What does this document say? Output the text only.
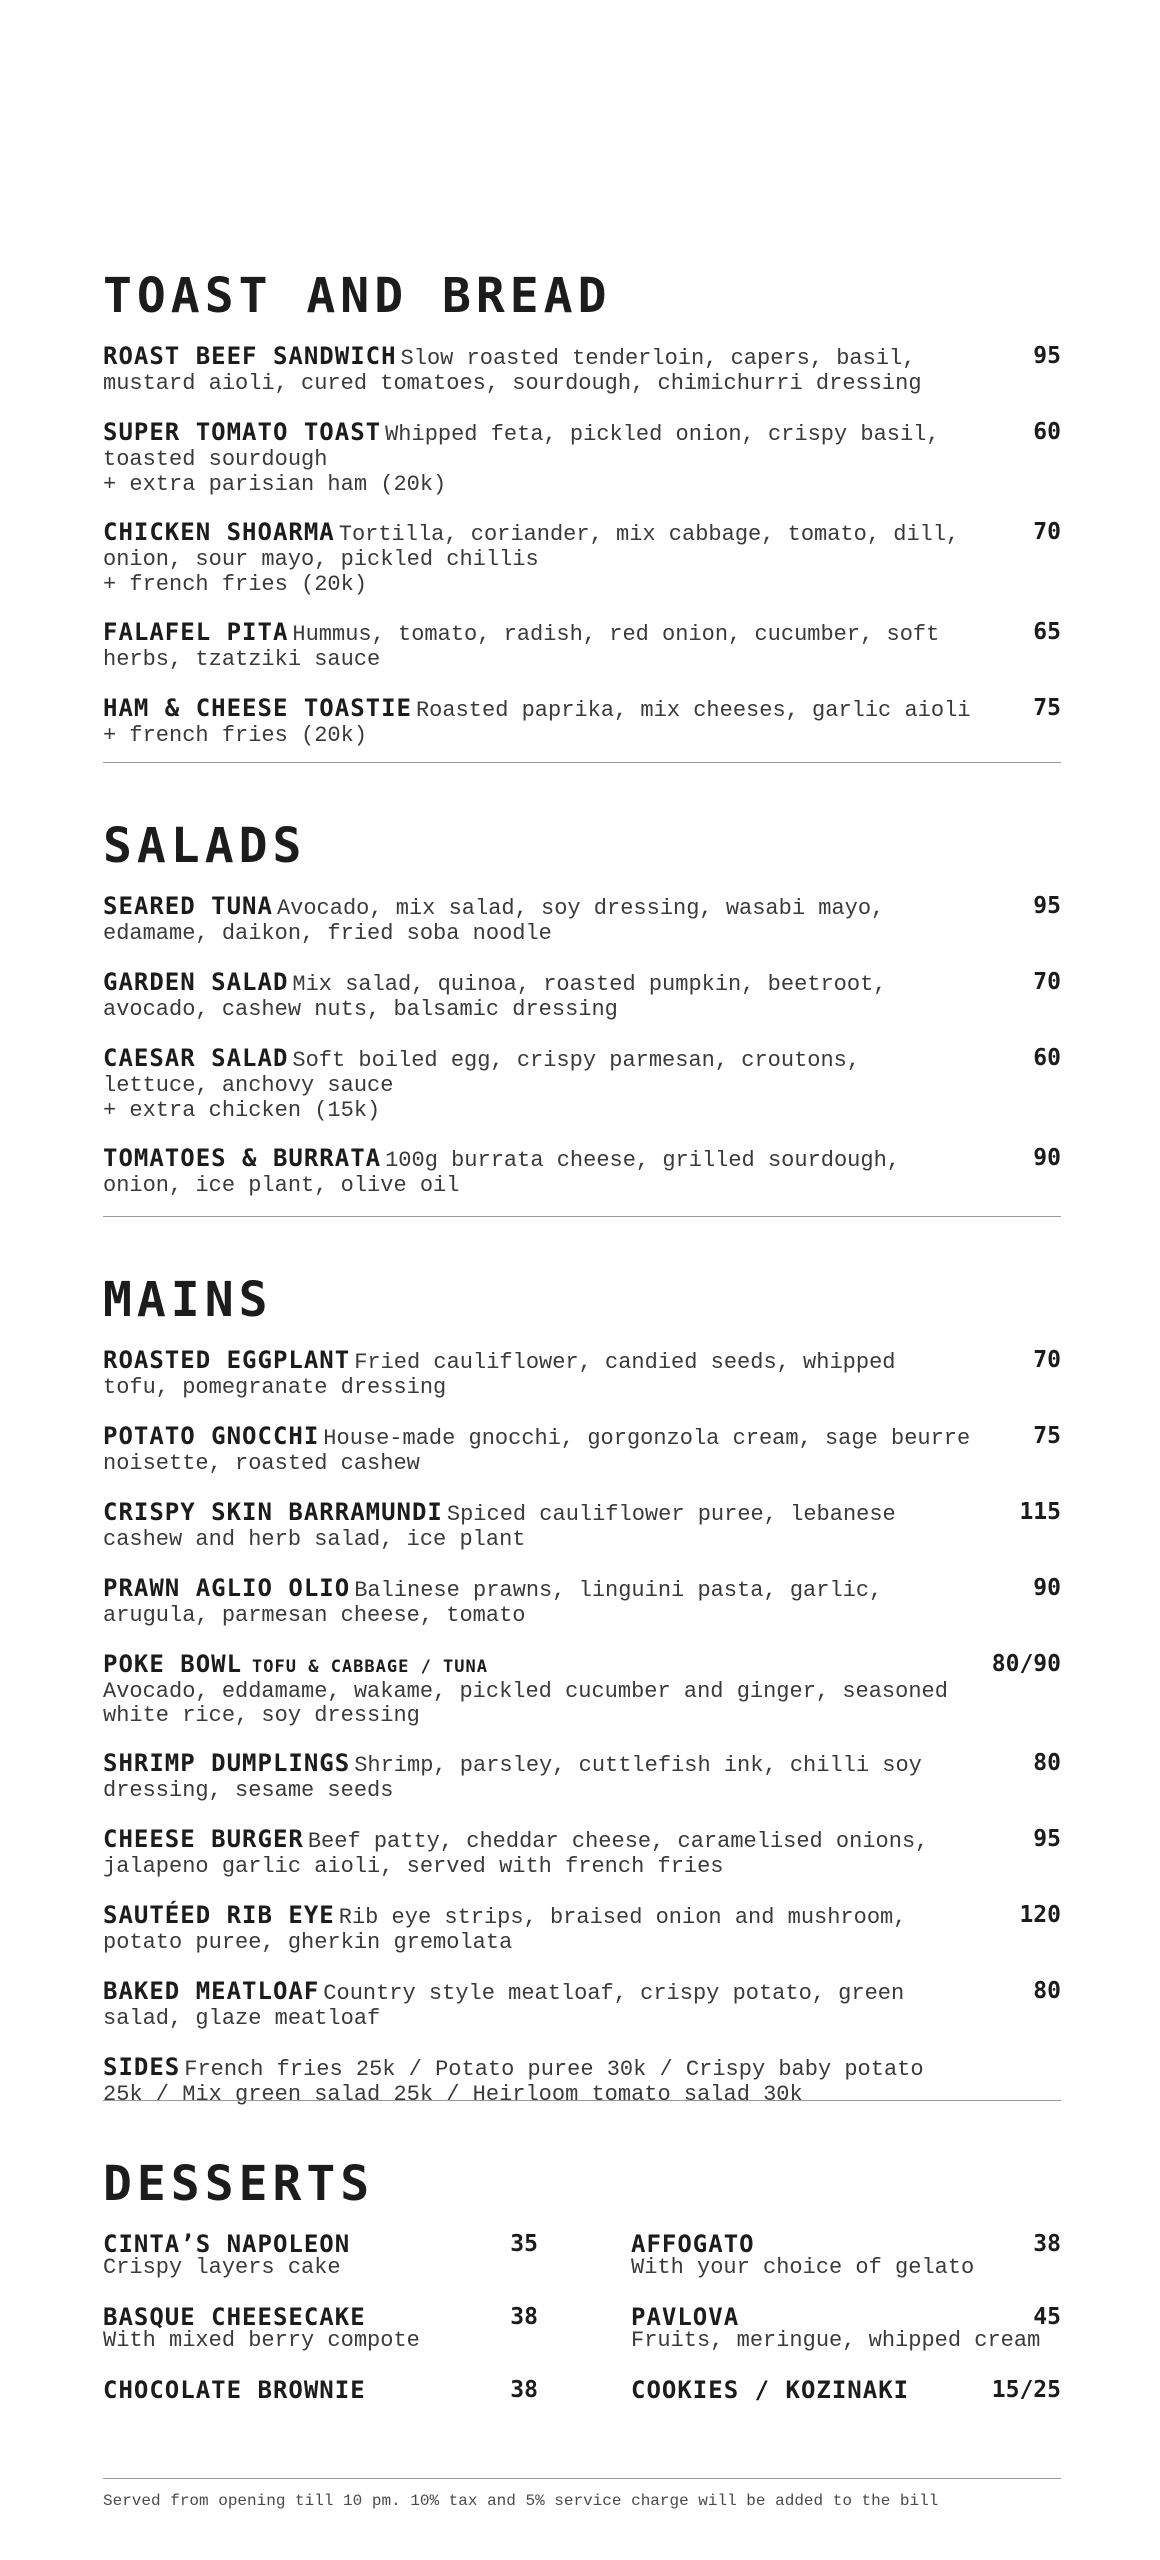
TOAST AND BREAD
ROAST BEEF SANDWICH Slow roasted tenderloin, capers, basil, mustard aioli, cured tomatoes, sourdough, chimichurri dressing
95
SUPER TOMATO TOAST Whipped feta, pickled onion, crispy basil, toasted sourdough
+ extra parisian ham (20k)
60
CHICKEN SHOARMA Tortilla, coriander, mix cabbage, tomato, dill, onion, sour mayo, pickled chillis
+ french fries (20k)
70
FALAFEL PITA Hummus, tomato, radish, red onion, cucumber, soft herbs, tzatziki sauce
65
HAM & CHEESE TOASTIE Roasted paprika, mix cheeses, garlic aioli
+ french fries (20k)
75
SALADS
SEARED TUNA Avocado, mix salad, soy dressing, wasabi mayo, edamame, daikon, fried soba noodle
95
GARDEN SALAD Mix salad, quinoa, roasted pumpkin, beetroot, avocado, cashew nuts, balsamic dressing
70
CAESAR SALAD Soft boiled egg, crispy parmesan, croutons, lettuce, anchovy sauce
+ extra chicken (15k)
60
TOMATOES & BURRATA 100g burrata cheese, grilled sourdough, onion, ice plant, olive oil
90
MAINS
ROASTED EGGPLANT Fried cauliflower, candied seeds, whipped tofu, pomegranate dressing
70
POTATO GNOCCHI House-made gnocchi, gorgonzola cream, sage beurre noisette, roasted cashew
75
CRISPY SKIN BARRAMUNDI Spiced cauliflower puree, lebanese cashew and herb salad, ice plant
115
PRAWN AGLIO OLIO Balinese prawns, linguini pasta, garlic, arugula, parmesan cheese, tomato
90
POKE BOWL TOFU & CABBAGE / TUNA
Avocado, eddamame, wakame, pickled cucumber and ginger, seasoned white rice, soy dressing
80/90
SHRIMP DUMPLINGS Shrimp, parsley, cuttlefish ink, chilli soy dressing, sesame seeds
80
CHEESE BURGER Beef patty, cheddar cheese, caramelised onions, jalapeno garlic aioli, served with french fries
95
SAUTÉED RIB EYE Rib eye strips, braised onion and mushroom, potato puree, gherkin gremolata
120
BAKED MEATLOAF Country style meatloaf, crispy potato, green salad, glaze meatloaf
80
SIDES French fries 25k / Potato puree 30k / Crispy baby potato 25k / Mix green salad 25k / Heirloom tomato salad 30k
DESSERTS
CINTA’S NAPOLEON
Crispy layers cake
35
BASQUE CHEESECAKE
With mixed berry compote
38
CHOCOLATE BROWNIE	38
AFFOGATO
With your choice of gelato
38
PAVLOVA
Fruits, meringue, whipped cream
45
COOKIES / KOZINAKI	15/25
Served from opening till 10 pm. 10% tax and 5% service charge will be added to the bill
